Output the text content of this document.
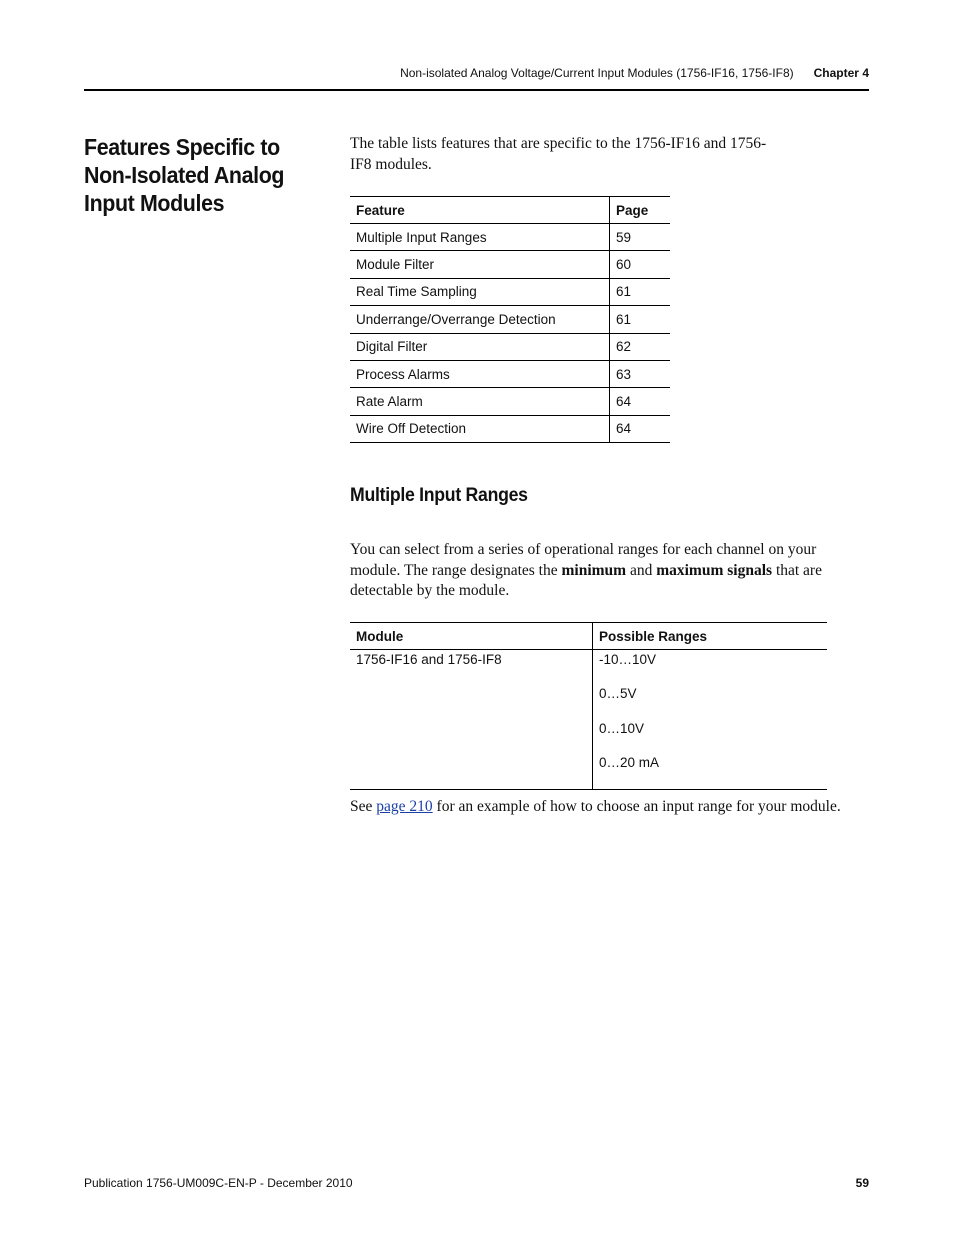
Non-isolated Analog Voltage/Current Input Modules (1756-IF16, 1756-IF8) Chapter 4
Features Specific to Non-Isolated Analog Input Modules

The table lists features that are specific to the 1756-IF16 and 1756-IF8 modules.

Feature	Page
Multiple Input Ranges	59
Module Filter	60
Real Time Sampling	61
Underrange/Overrange Detection	61
Digital Filter	62
Process Alarms	63
Rate Alarm	64
Wire Off Detection	64
Multiple Input Ranges

You can select from a series of operational ranges for each channel on your module. The range designates the minimum and maximum signals that are detectable by the module.

Module	Possible Ranges
1756-IF16 and 1756-IF8	-10…10V
0…5V
0…10V
0…20 mA

See page 210 for an example of how to choose an input range for your module.

Publication 1756-UM009C-EN-P - December 2010	59
